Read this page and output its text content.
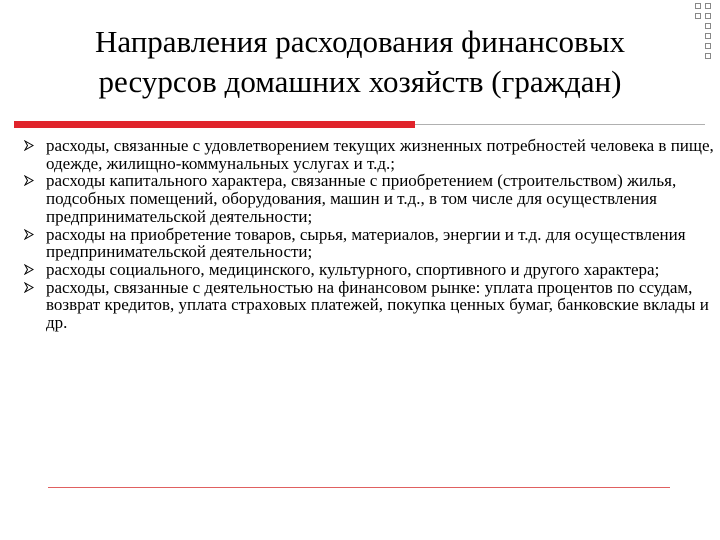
Направления расходования финансовых ресурсов домашних хозяйств (граждан)
расходы, связанные с удовлетворением текущих жизненных потребностей человека в пище, одежде, жилищно-коммунальных услугах и т.д.;
расходы капитального характера, связанные с приобретением (строительством) жилья, подсобных помещений, оборудования, машин и т.д., в том числе для осуществления предпринимательской деятельности;
расходы на приобретение товаров, сырья, материалов, энергии и т.д. для осуществления предпринимательской деятельности;
расходы социального, медицинского, культурного, спортивного и другого характера;
расходы, связанные с деятельностью на финансовом рынке: уплата процентов по ссудам, возврат кредитов, уплата страховых платежей, покупка ценных бумаг, банковские вклады и др.
